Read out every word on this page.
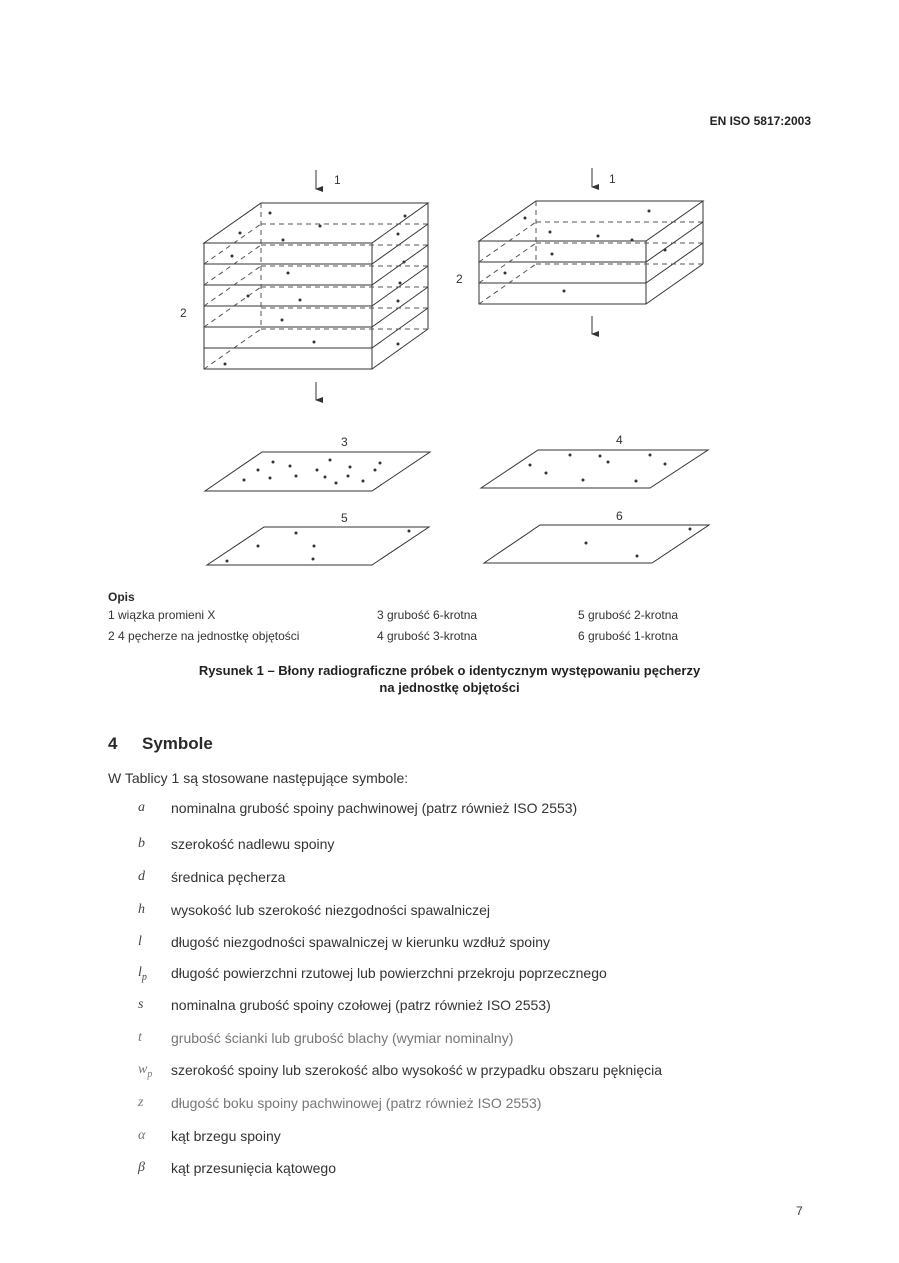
EN ISO 5817:2003
1	1
2
2
3	4
5	6
Opis
1 wiązka promieni X
2 4 pęcherze na jednostkę objętości
3 grubość 6-krotna
4 grubość 3-krotna
5 grubość 2-krotna
6 grubość 1-krotna
Rysunek 1 – Błony radiograficzne próbek o identycznym występowaniu pęcherzy
na jednostkę objętości
4 Symbole
W Tablicy 1 są stosowane następujące symbole:
a	nominalna grubość spoiny pachwinowej (patrz również ISO 2553)
b	szerokość nadlewu spoiny
d	średnica pęcherza
h	wysokość lub szerokość niezgodności spawalniczej
l	długość niezgodności spawalniczej w kierunku wzdłuż spoiny
$l_p$	długość powierzchni rzutowej lub powierzchni przekroju poprzecznego
s	nominalna grubość spoiny czołowej (patrz również ISO 2553)
t	grubość ścianki lub grubość blachy (wymiar nominalny)
$w_p$	szerokość spoiny lub szerokość albo wysokość w przypadku obszaru pęknięcia
z	długość boku spoiny pachwinowej (patrz również ISO 2553)
α	kąt brzegu spoiny
β	kąt przesunięcia kątowego
7
